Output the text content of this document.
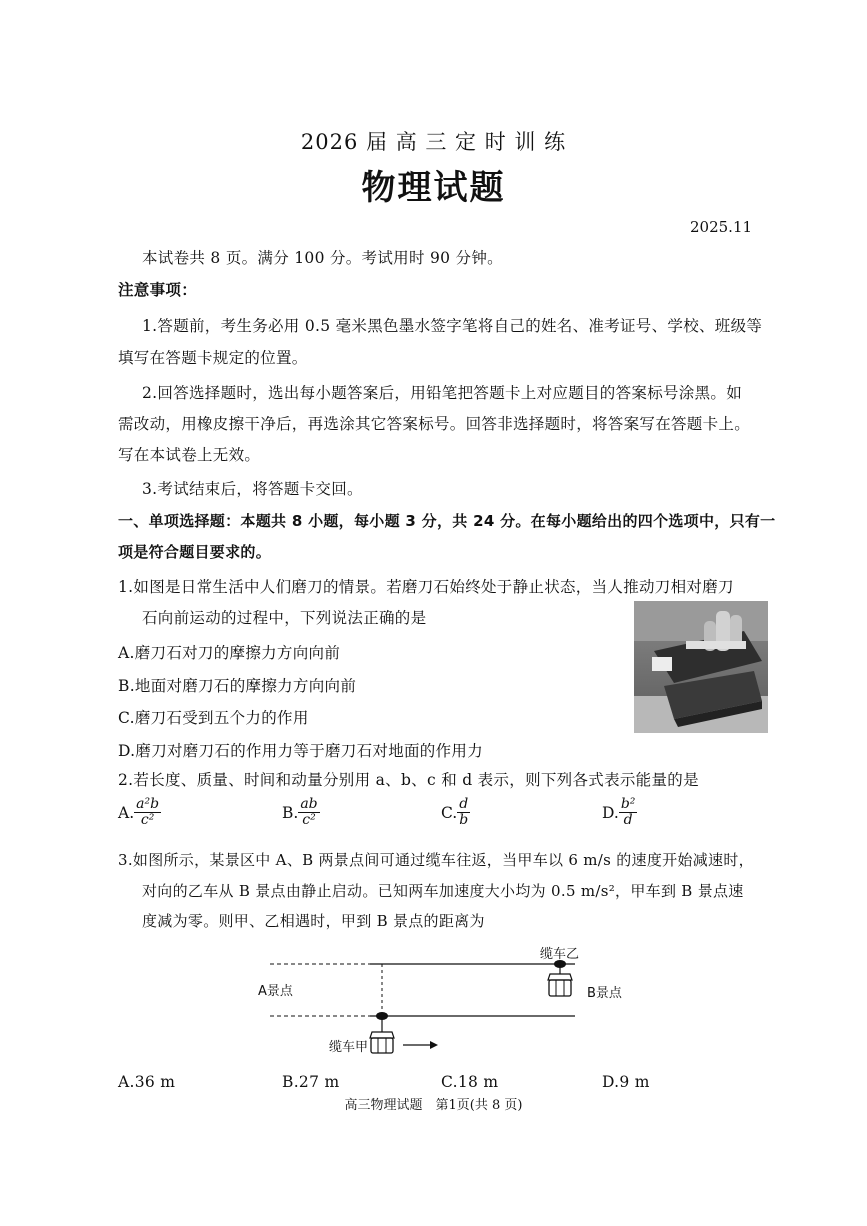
2026 届 高 三 定 时 训 练
物理试题
2025.11
本试卷共 8 页。满分 100 分。考试用时 90 分钟。
注意事项：
1.答题前，考生务必用 0.5 毫米黑色墨水签字笔将自己的姓名、准考证号、学校、班级等
填写在答题卡规定的位置。
2.回答选择题时，选出每小题答案后，用铅笔把答题卡上对应题目的答案标号涂黑。如
需改动，用橡皮擦干净后，再选涂其它答案标号。回答非选择题时，将答案写在答题卡上。
写在本试卷上无效。
3.考试结束后，将答题卡交回。
一、单项选择题：本题共 8 小题，每小题 3 分，共 24 分。在每小题给出的四个选项中，只有一
项是符合题目要求的。
1.如图是日常生活中人们磨刀的情景。若磨刀石始终处于静止状态，当人推动刀相对磨刀
石向前运动的过程中，下列说法正确的是
A.磨刀石对刀的摩擦力方向向前
B.地面对磨刀石的摩擦力方向向前
C.磨刀石受到五个力的作用
D.磨刀对磨刀石的作用力等于磨刀石对地面的作用力
2.若长度、质量、时间和动量分别用 a、b、c 和 d 表示，则下列各式表示能量的是
A. $\frac{\text{a²b}}{\text{c²}}$	B. $\frac{ab}{\text{c²}}$	C. $\frac{d}{b}$	D. $\frac{\text{b²}}{d}$
3.如图所示，某景区中 A、B 两景点间可通过缆车往返，当甲车以 6 m/s 的速度开始减速时，
对向的乙车从 B 景点由静止启动。已知两车加速度大小均为 0.5 m/s²，甲车到 B 景点速
度减为零。则甲、乙相遇时，甲到 B 景点的距离为
A景点	B景点
缆车甲
缆车乙
A.36 m	B.27 m	C.18 m	D.9 m
高三物理试题　第1页(共 8 页)
